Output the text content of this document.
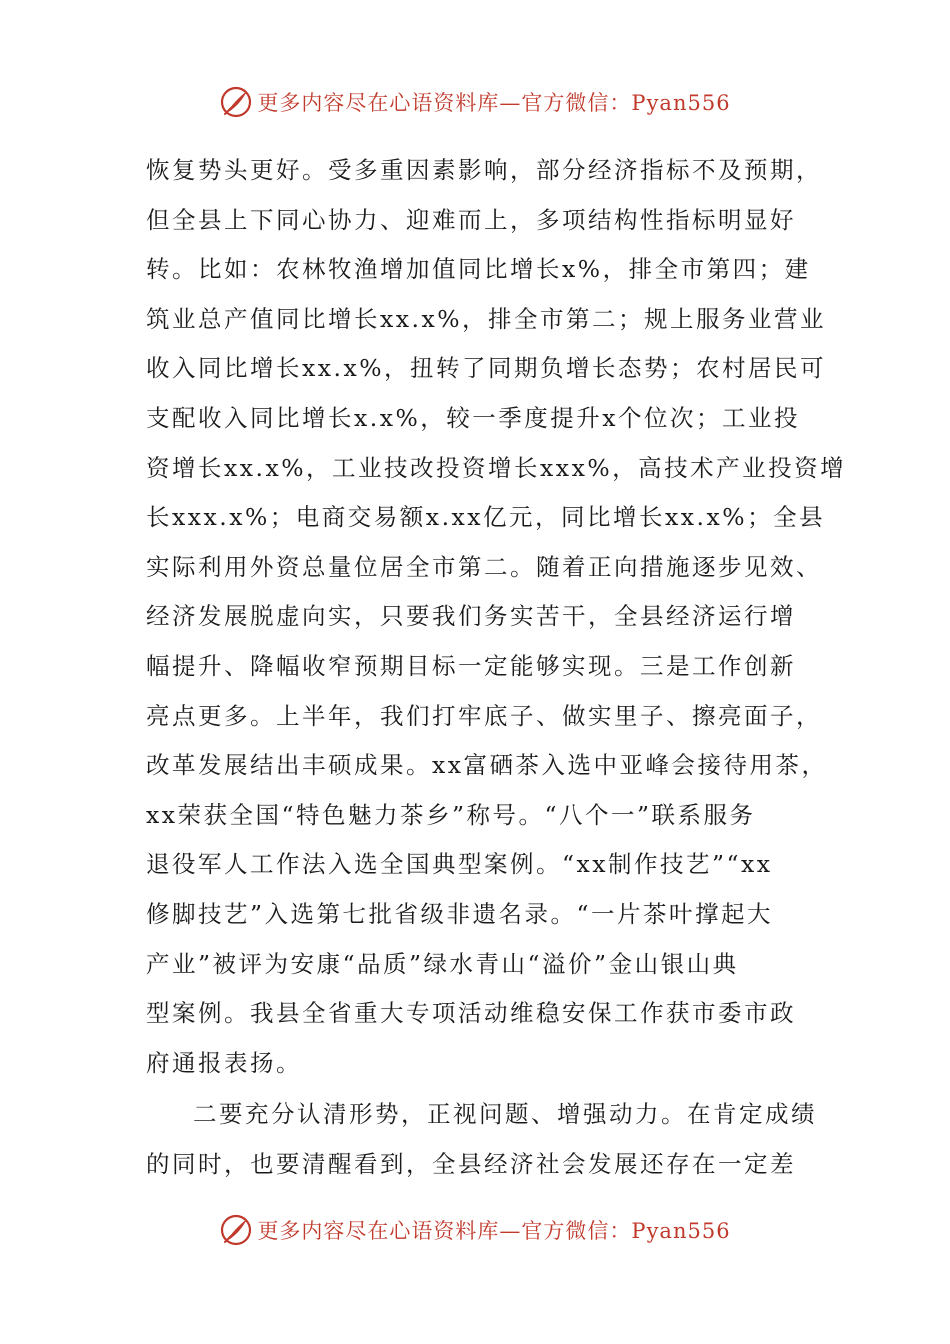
更多内容尽在心语资料库—官方微信：Pyan556
恢复势头更好。受多重因素影响，部分经济指标不及预期，
但全县上下同心协力、迎难而上，多项结构性指标明显好
转。比如：农林牧渔增加值同比增长x%，排全市第四；建
筑业总产值同比增长xx.x%，排全市第二；规上服务业营业
收入同比增长xx.x%，扭转了同期负增长态势；农村居民可
支配收入同比增长x.x%，较一季度提升x个位次；工业投
资增长xx.x%，工业技改投资增长xxx%，高技术产业投资增
长xxx.x%；电商交易额x.xx亿元，同比增长xx.x%；全县
实际利用外资总量位居全市第二。随着正向措施逐步见效、
经济发展脱虚向实，只要我们务实苦干，全县经济运行增
幅提升、降幅收窄预期目标一定能够实现。三是工作创新
亮点更多。上半年，我们打牢底子、做实里子、擦亮面子，
改革发展结出丰硕成果。xx富硒茶入选中亚峰会接待用茶，
xx荣获全国“特色魅力茶乡”称号。“八个一”联系服务
退役军人工作法入选全国典型案例。“xx制作技艺”“xx
修脚技艺”入选第七批省级非遗名录。“一片茶叶撑起大
产业”被评为安康“品质”绿水青山“溢价”金山银山典
型案例。我县全省重大专项活动维稳安保工作获市委市政
府通报表扬。
二要充分认清形势，正视问题、增强动力。在肯定成绩
的同时，也要清醒看到，全县经济社会发展还存在一定差
更多内容尽在心语资料库—官方微信：Pyan556
